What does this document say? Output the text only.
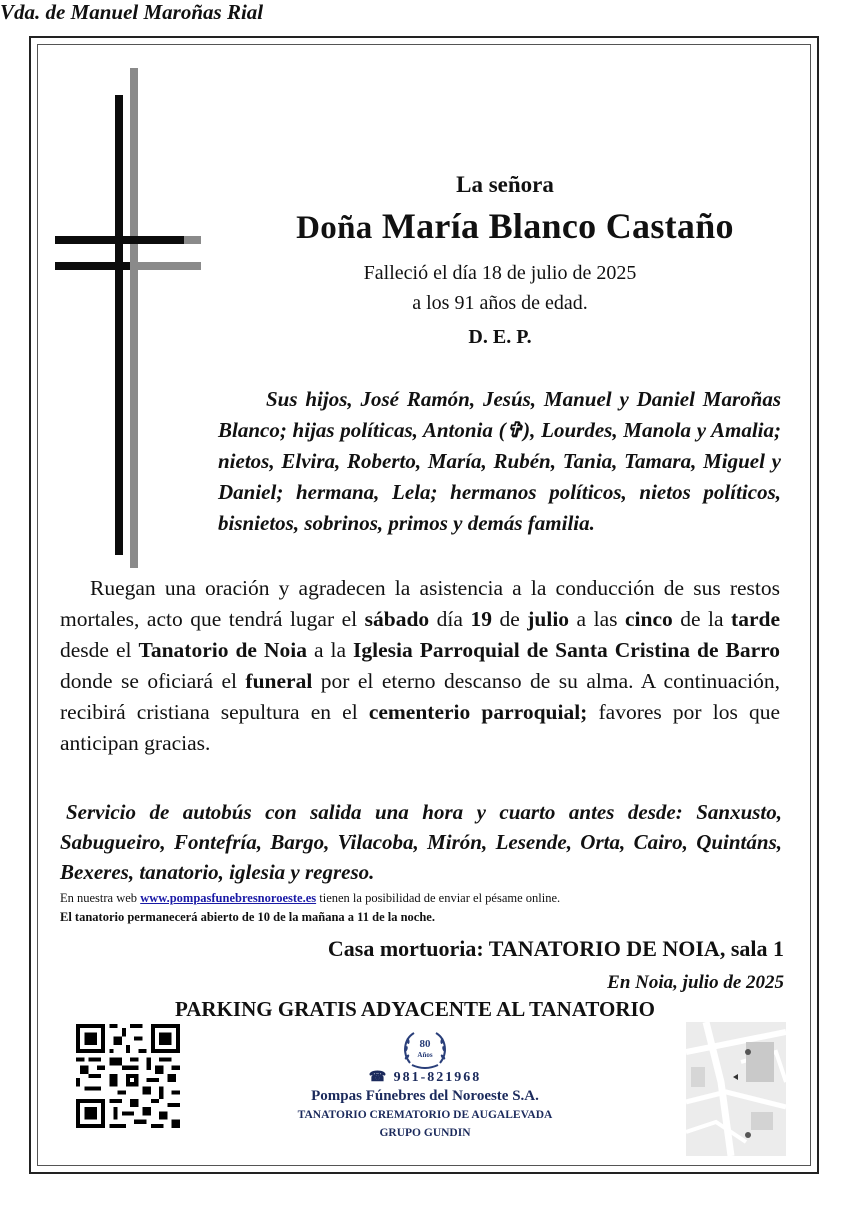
La señora
Doña María Blanco Castaño
Falleció el día 18 de julio de 2025
a los 91 años de edad.
D. E. P.
Vda. de Manuel Maroñas Rial
Sus hijos, José Ramón, Jesús, Manuel y Daniel Maroñas Blanco; hijas políticas, Antonia (✞), Lourdes, Manola y Amalia; nietos, Elvira, Roberto, María, Rubén, Tania, Tamara, Miguel y Daniel; hermana, Lela; hermanos políticos, nietos políticos, bisnietos, sobrinos, primos y demás familia.
Ruegan una oración y agradecen la asistencia a la conducción de sus restos mortales, acto que tendrá lugar el sábado día 19 de julio a las cinco de la tarde desde el Tanatorio de Noia a la Iglesia Parroquial de Santa Cristina de Barro donde se oficiará el funeral por el eterno descanso de su alma. A continuación, recibirá cristiana sepultura en el cementerio parroquial; favores por los que anticipan gracias.
Servicio de autobús con salida una hora y cuarto antes desde: Sanxusto, Sabugueiro, Fontefría, Bargo, Vilacoba, Mirón, Lesende, Orta, Cairo, Quintáns, Bexeres, tanatorio, iglesia y regreso.
En nuestra web www.pompasfunebresnoroeste.es tienen la posibilidad de enviar el pésame online.
El tanatorio permanecerá abierto de 10 de la mañana a 11 de la noche.
Casa mortuoria: TANATORIO DE NOIA, sala 1
En Noia, julio de 2025
PARKING GRATIS ADYACENTE AL TANATORIO
80
Años
☎ 981-821968
Pompas Fúnebres del Noroeste S.A.
TANATORIO CREMATORIO DE AUGALEVADA
GRUPO GUNDIN
